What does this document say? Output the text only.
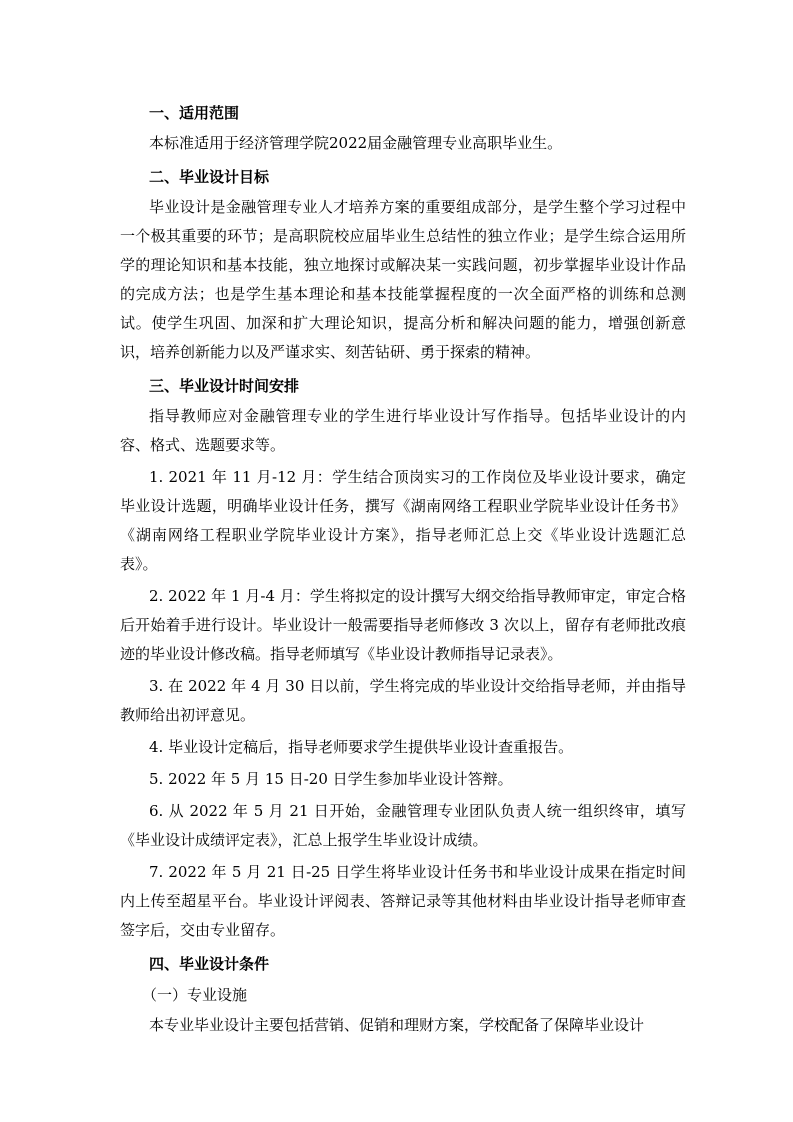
一、适用范围
本标准适用于经济管理学院2022届金融管理专业高职毕业生。
二、毕业设计目标
毕业设计是金融管理专业人才培养方案的重要组成部分，是学生整个学习过程中一个极其重要的环节；是高职院校应届毕业生总结性的独立作业；是学生综合运用所学的理论知识和基本技能，独立地探讨或解决某一实践问题，初步掌握毕业设计作品的完成方法；也是学生基本理论和基本技能掌握程度的一次全面严格的训练和总测试。使学生巩固、加深和扩大理论知识，提高分析和解决问题的能力，增强创新意识，培养创新能力以及严谨求实、刻苦钻研、勇于探索的精神。
三、毕业设计时间安排
指导教师应对金融管理专业的学生进行毕业设计写作指导。包括毕业设计的内容、格式、选题要求等。
1. 2021 年 11 月-12 月：学生结合顶岗实习的工作岗位及毕业设计要求，确定毕业设计选题，明确毕业设计任务，撰写《湖南网络工程职业学院毕业设计任务书》《湖南网络工程职业学院毕业设计方案》，指导老师汇总上交《毕业设计选题汇总表》。
2. 2022 年 1 月-4 月：学生将拟定的设计撰写大纲交给指导教师审定，审定合格后开始着手进行设计。毕业设计一般需要指导老师修改 3 次以上，留存有老师批改痕迹的毕业设计修改稿。指导老师填写《毕业设计教师指导记录表》。
3. 在 2022 年 4 月 30 日以前，学生将完成的毕业设计交给指导老师，并由指导教师给出初评意见。
4. 毕业设计定稿后，指导老师要求学生提供毕业设计查重报告。
5. 2022 年 5 月 15 日-20 日学生参加毕业设计答辩。
6. 从 2022 年 5 月 21 日开始，金融管理专业团队负责人统一组织终审，填写《毕业设计成绩评定表》，汇总上报学生毕业设计成绩。
7. 2022 年 5 月 21 日-25 日学生将毕业设计任务书和毕业设计成果在指定时间内上传至超星平台。毕业设计评阅表、答辩记录等其他材料由毕业设计指导老师审查签字后，交由专业留存。
四、毕业设计条件
（一）专业设施
本专业毕业设计主要包括营销、促销和理财方案，学校配备了保障毕业设计
